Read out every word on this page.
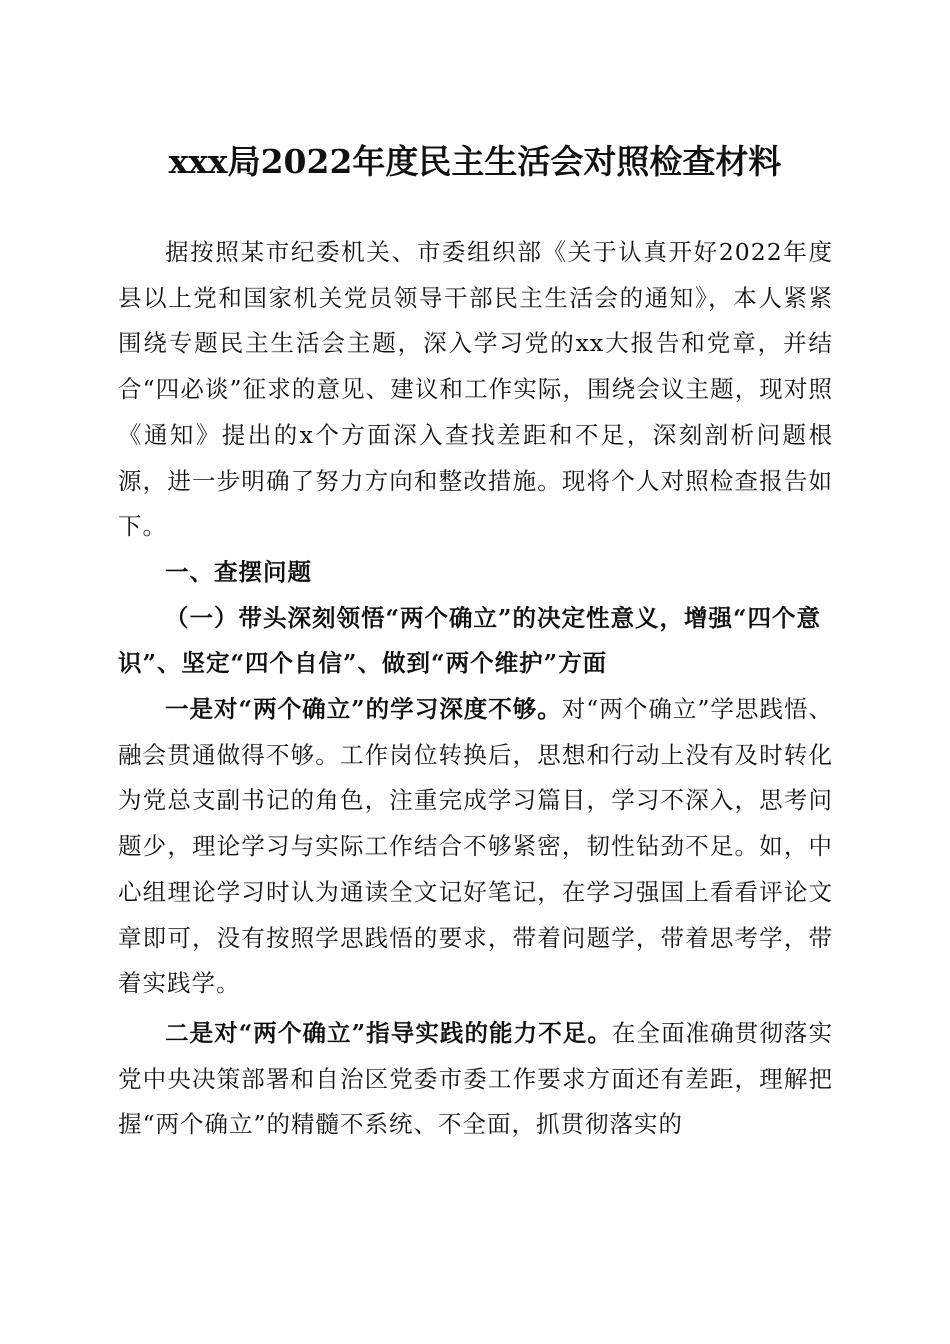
xxx局2022年度民主生活会对照检查材料

据按照某市纪委机关、市委组织部《关于认真开好2022年度县以上党和国家机关党员领导干部民主生活会的通知》，本人紧紧围绕专题民主生活会主题，深入学习党的xx大报告和党章，并结合“四必谈”征求的意见、建议和工作实际，围绕会议主题，现对照《通知》提出的x个方面深入查找差距和不足，深刻剖析问题根源，进一步明确了努力方向和整改措施。现将个人对照检查报告如下。

一、查摆问题

（一）带头深刻领悟“两个确立”的决定性意义，增强“四个意识”、坚定“四个自信”、做到“两个维护”方面

一是对“两个确立”的学习深度不够。对“两个确立”学思践悟、融会贯通做得不够。工作岗位转换后，思想和行动上没有及时转化为党总支副书记的角色，注重完成学习篇目，学习不深入，思考问题少，理论学习与实际工作结合不够紧密，韧性钻劲不足。如，中心组理论学习时认为通读全文记好笔记，在学习强国上看看评论文章即可，没有按照学思践悟的要求，带着问题学，带着思考学，带着实践学。

二是对“两个确立”指导实践的能力不足。在全面准确贯彻落实党中央决策部署和自治区党委市委工作要求方面还有差距，理解把握“两个确立”的精髓不系统、不全面，抓贯彻落实的
